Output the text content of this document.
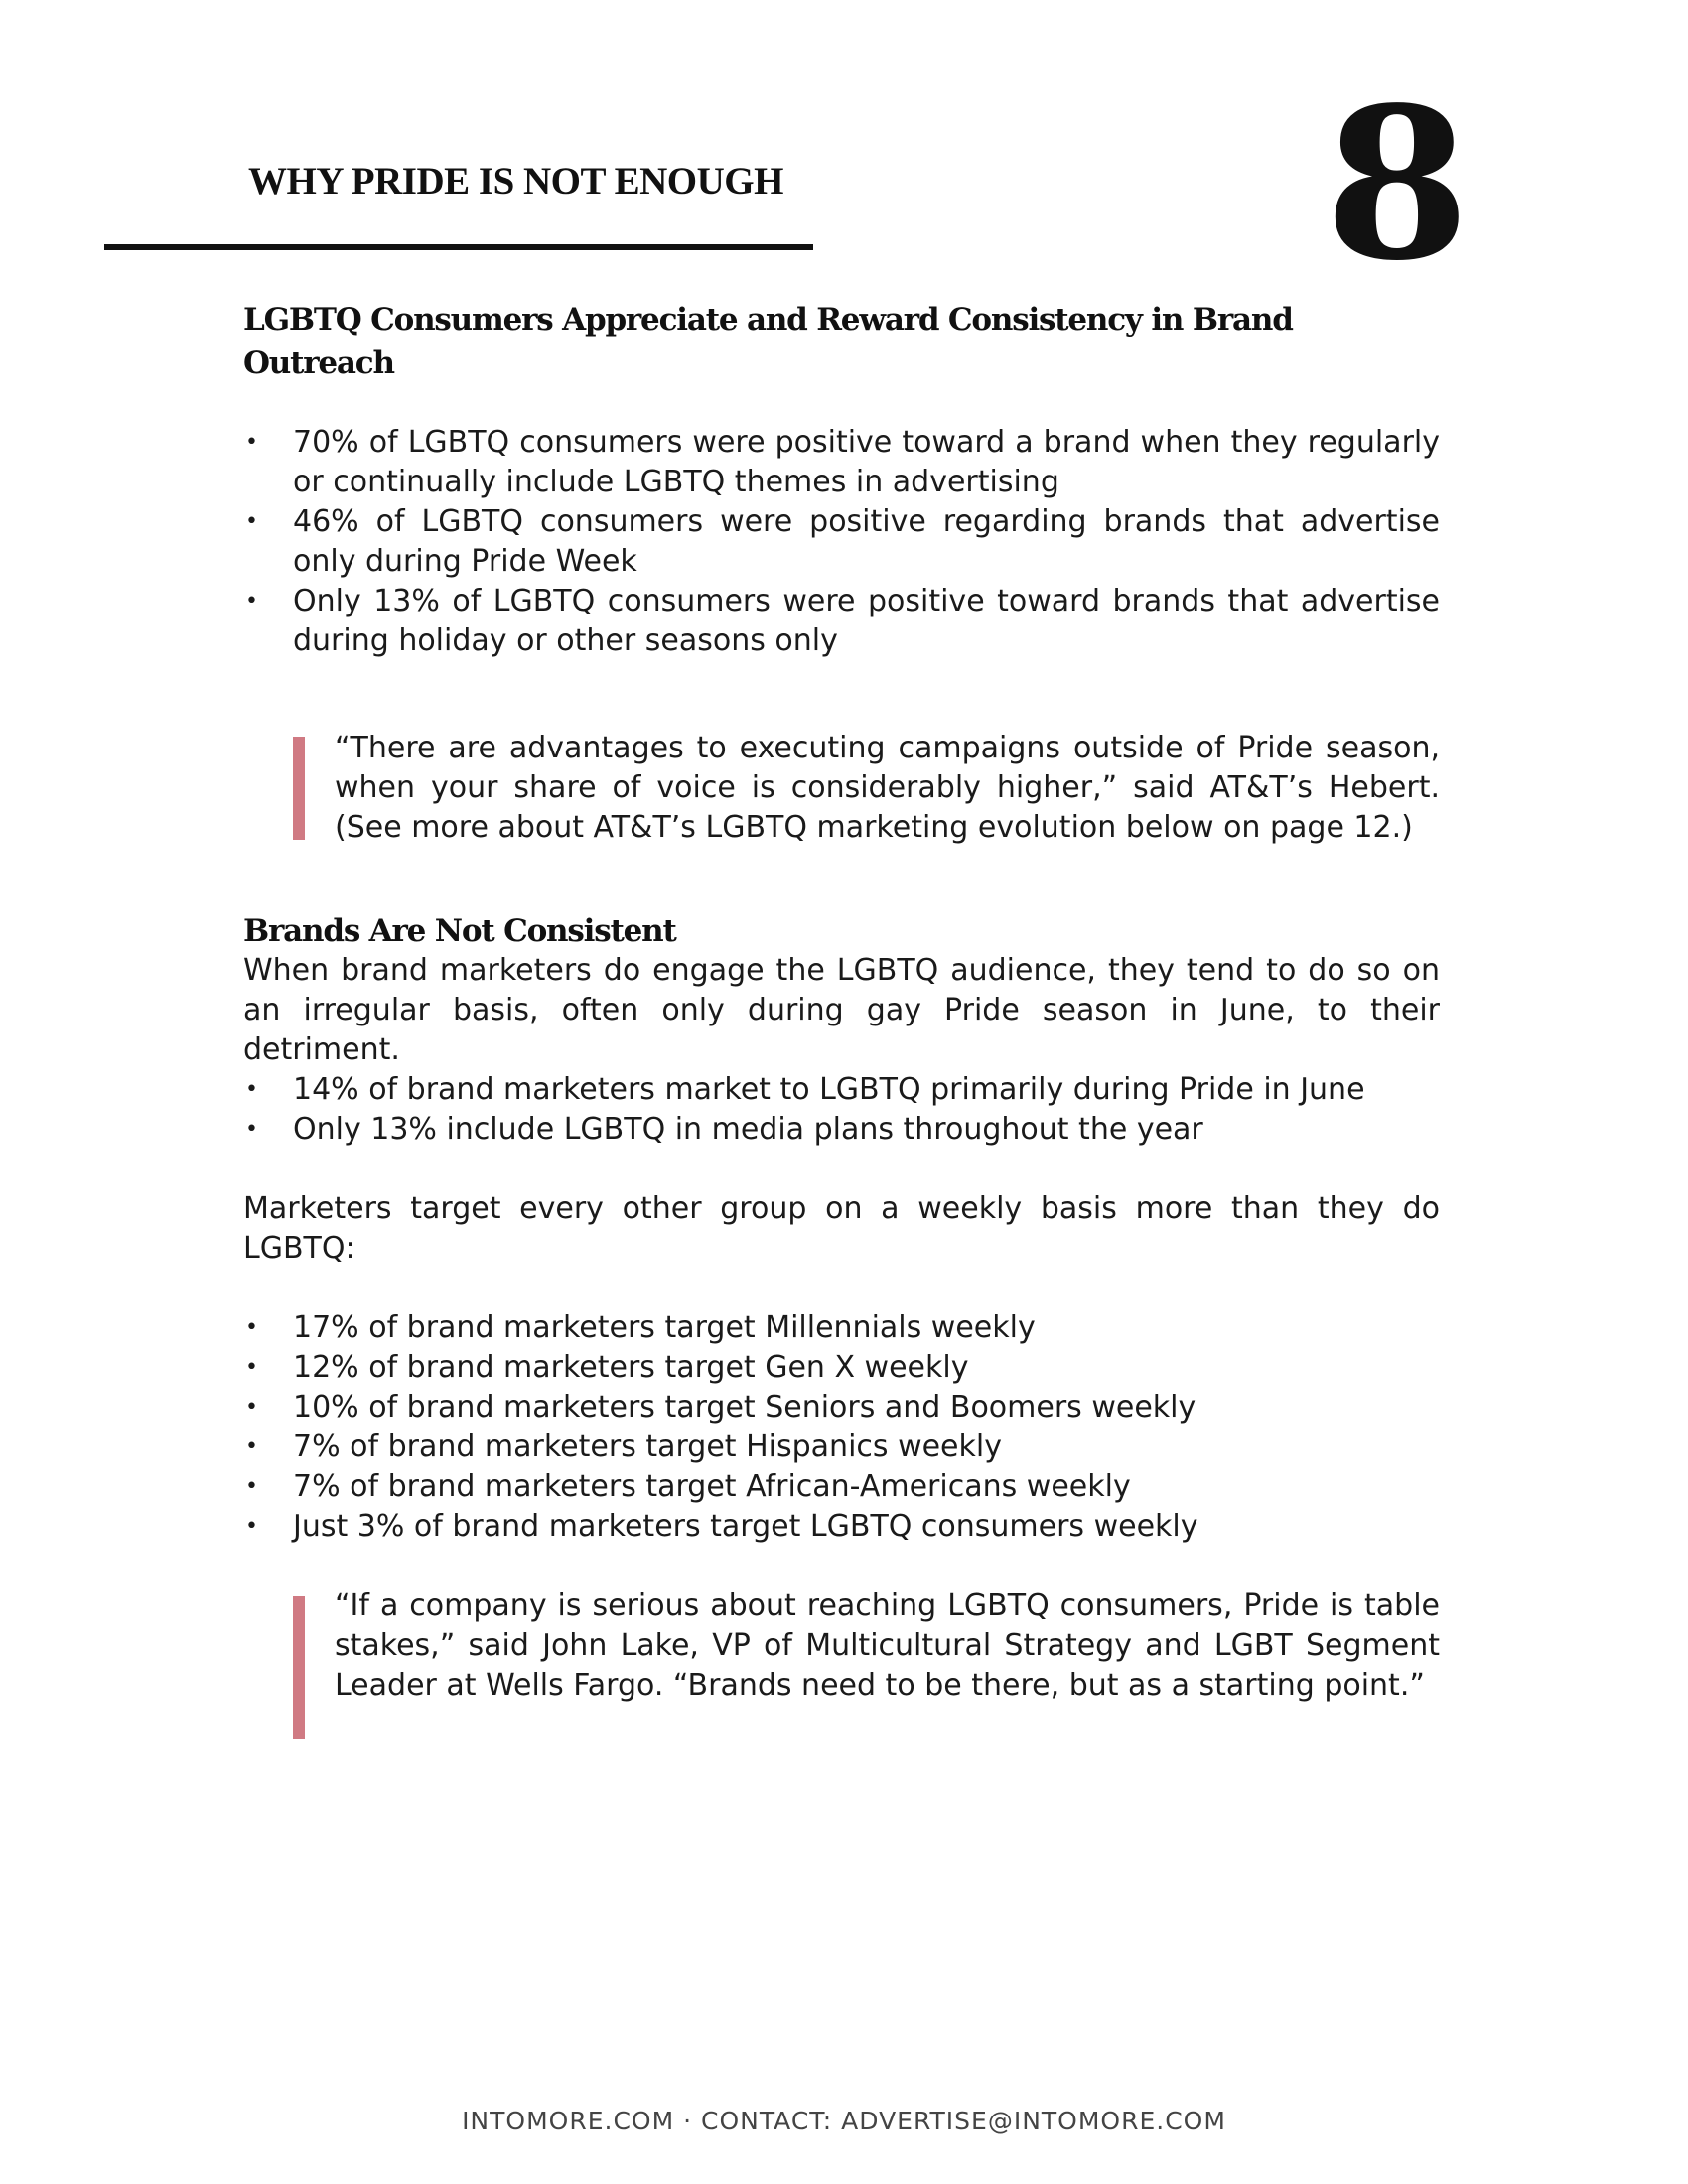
WHY PRIDE IS NOT ENOUGH	8
LGBTQ Consumers Appreciate and Reward Consistency in Brand Outreach
• 70% of LGBTQ consumers were positive toward a brand when they regularly or continually include LGBTQ themes in advertising
• 46% of LGBTQ consumers were positive regarding brands that advertise only during Pride Week
• Only 13% of LGBTQ consumers were positive toward brands that advertise during holiday or other seasons only

“There are advantages to executing campaigns outside of Pride season, when your share of voice is considerably higher,” said AT&T’s Hebert. (See more about AT&T’s LGBTQ marketing evolution below on page 12.)

Brands Are Not Consistent

When brand marketers do engage the LGBTQ audience, they tend to do so on an irregular basis, often only during gay Pride season in June, to their detriment.

• 14% of brand marketers market to LGBTQ primarily during Pride in June
• Only 13% include LGBTQ in media plans throughout the year

Marketers target every other group on a weekly basis more than they do LGBTQ:

• 17% of brand marketers target Millennials weekly
• 12% of brand marketers target Gen X weekly
• 10% of brand marketers target Seniors and Boomers weekly
• 7% of brand marketers target Hispanics weekly
• 7% of brand marketers target African-Americans weekly
• Just 3% of brand marketers target LGBTQ consumers weekly

“If a company is serious about reaching LGBTQ consumers, Pride is table stakes,” said John Lake, VP of Multicultural Strategy and LGBT Segment Leader at Wells Fargo. “Brands need to be there, but as a starting point.”

INTOMORE.COM · CONTACT: ADVERTISE@INTOMORE.COM
